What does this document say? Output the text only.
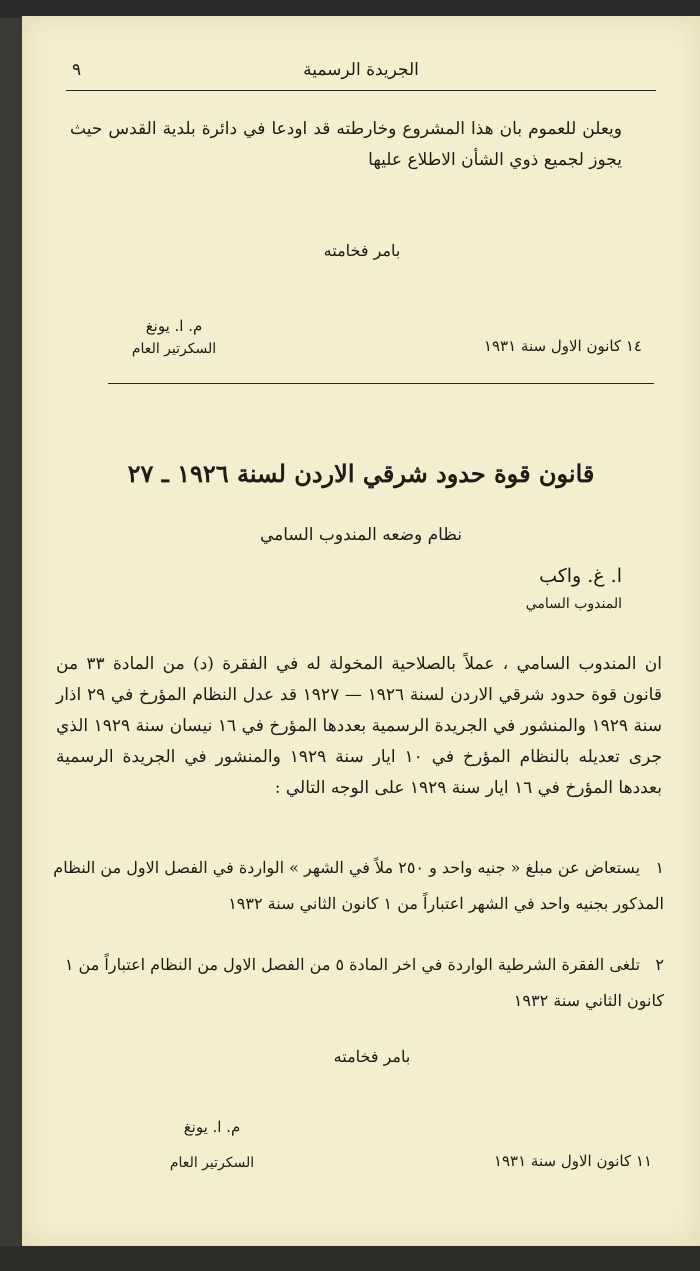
الجريدة الرسمية
٩
ويعلن للعموم بان هذا المشروع وخارطته قد اودعا في دائرة بلدية القدس حيث يجوز لجميع ذوي الشأن الاطلاع عليها
بامر فخامته
م. ا. يونغ
السكرتير العام	١٤ كانون الاول سنة ١٩٣١
قانون قوة حدود شرقي الاردن لسنة ١٩٢٦ ـ ٢٧
نظام وضعه المندوب السامي
ا. غ. واكب
المندوب السامي
ان المندوب السامي ، عملاً بالصلاحية المخولة له في الفقرة (د) من المادة ٣٣ من قانون قوة حدود شرقي الاردن لسنة ١٩٢٦ — ١٩٢٧ قد عدل النظام المؤرخ في ٢٩ اذار سنة ١٩٢٩ والمنشور في الجريدة الرسمية بعددها المؤرخ في ١٦ نيسان سنة ١٩٢٩ الذي جرى تعديله بالنظام المؤرخ في ١٠ ايار سنة ١٩٢٩ والمنشور في الجريدة الرسمية بعددها المؤرخ في ١٦ ايار سنة ١٩٢٩ على الوجه التالي :
١   يستعاض عن مبلغ « جنيه واحد و ٢٥٠ ملاً في الشهر » الواردة في الفصل الاول من النظام المذكور بجنيه واحد في الشهر اعتباراً من ١ كانون الثاني سنة ١٩٣٢
٢   تلغى الفقرة الشرطية الواردة في اخر المادة ٥ من الفصل الاول من النظام اعتباراً من ١ كانون الثاني سنة ١٩٣٢
بامر فخامته
م. ا. يونغ
السكرتير العام	١١ كانون الاول سنة ١٩٣١
